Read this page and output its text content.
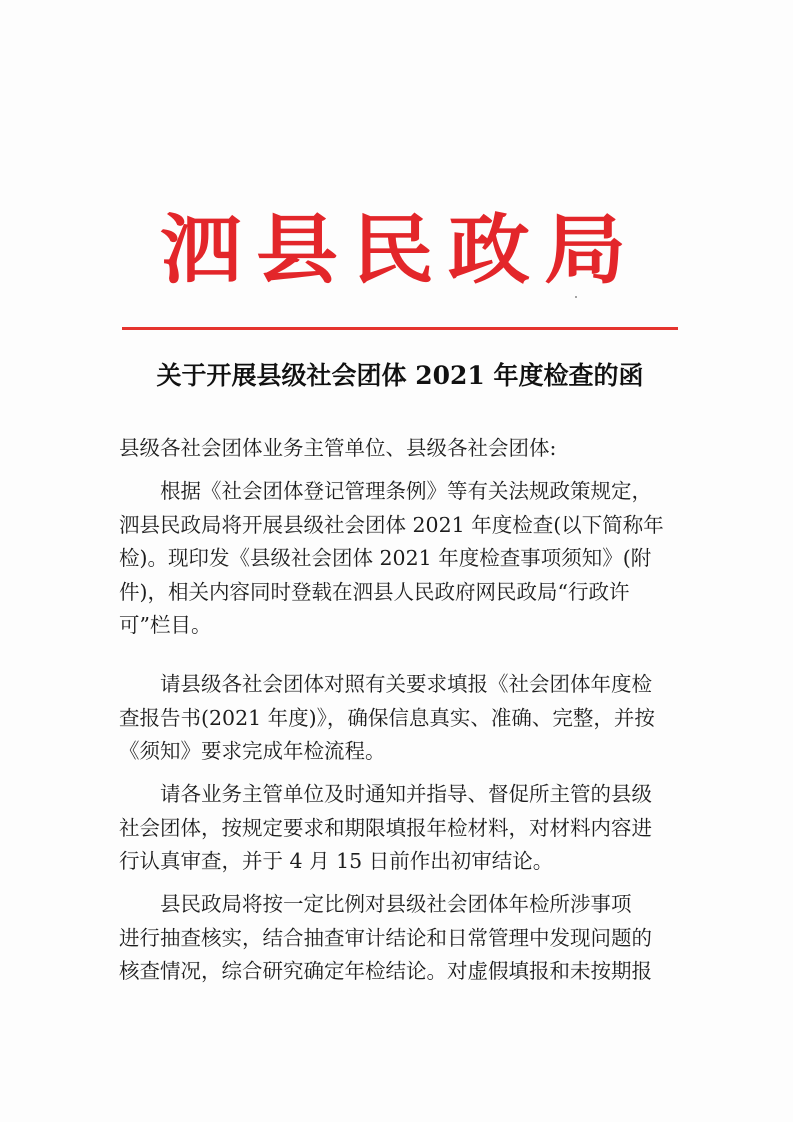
泗县民政局
关于开展县级社会团体 2021 年度检查的函
县级各社会团体业务主管单位、县级各社会团体:
根据《社会团体登记管理条例》等有关法规政策规定，
泗县民政局将开展县级社会团体 2021 年度检查(以下简称年
检)。现印发《县级社会团体 2021 年度检查事项须知》(附
件)，相关内容同时登载在泗县人民政府网民政局“行政许
可”栏目。
请县级各社会团体对照有关要求填报《社会团体年度检
查报告书(2021 年度)》，确保信息真实、准确、完整，并按
《须知》要求完成年检流程。
请各业务主管单位及时通知并指导、督促所主管的县级
社会团体，按规定要求和期限填报年检材料，对材料内容进
行认真审查，并于 4 月 15 日前作出初审结论。
县民政局将按一定比例对县级社会团体年检所涉事项
进行抽查核实，结合抽查审计结论和日常管理中发现问题的
核查情况，综合研究确定年检结论。对虚假填报和未按期报
